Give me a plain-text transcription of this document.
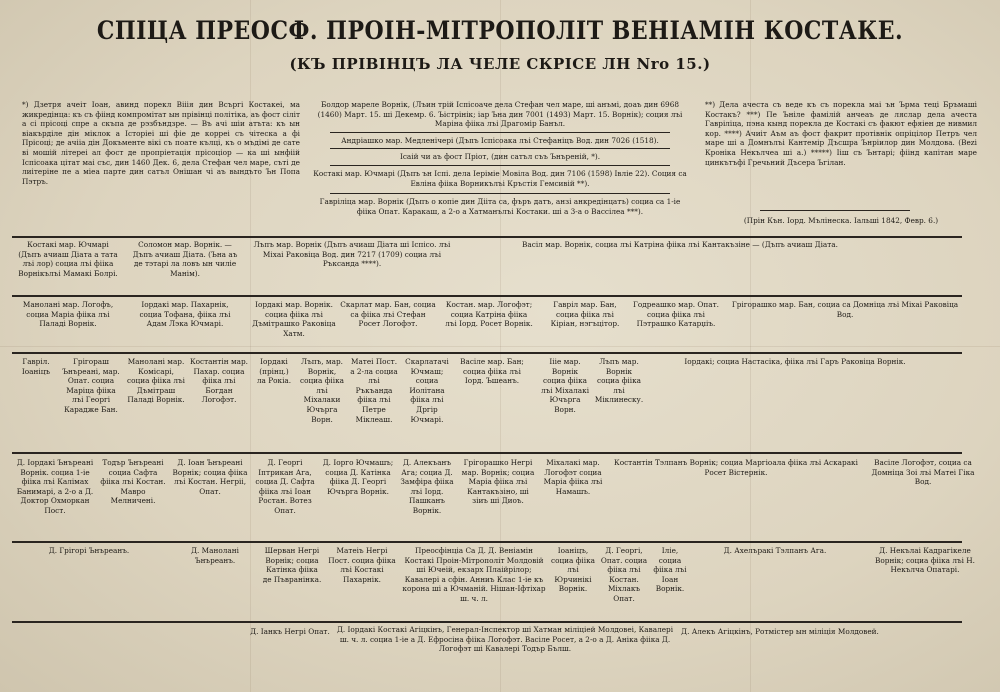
СПIЦА ПРЕОСФ. ПРОIН-МIТРОПОЛIТ ВЕНIАМIН КОСТАКЕ.
(КЪ ПРIВIНЦЪ ЛА ЧЕЛЕ СКРIСЕ ЛН Nro 15.)
*) Дзетря ачеiт Iоан, авинд порекл Вiiiя дин Всъргi Костакеi, ма жикредiнца: къ съ фiiнд компромiтат ын прiвiнцi полiтiка, аъ фост сiлiт а сi прiсоцi спре а скъпа де рэзбъндзре. — Въ ачi шiи атъта: къ ын віакърдiле дiн мiклок а Iсторiеi шi фiе де кoрреi съ чiтеска а фi Прiсоцi; де ачiia дiн Докъменте вiкi съ поате кълцi, къ о мъдiмi де сате вi мошiй лiтереi ал фост де пропрiетацiя прiсоцiор — ка шi ынфiiй Iспiсоака цiтат маi със, дин 1460 Дек. 6, дела Стефан чел маре, сътi де лиiтерiне пе а мiеа парте дин сатъл Онiшан чi аъ вындъто Ън Попа Пэтръ.
Болдор мареле Ворнiк, (Лъин трiй Iспiсоаче дела Стефан чел маре, шi анъмi, доаъ дин 6968 (1460) Март. 15. шi Декемр. 6. Ъiстрiнiк; iар Ъна дин 7001 (1493) Март. 15. Ворнiк); соция лъi Марiна фiiка лъi Драгомiр Банъл.
Андрiашко мар. Медленiчерi (Дъпъ Iспiсоака лъi Стефанiцъ Вод. дин 7026 (1518).
Iсаiй чи аъ фост Прiот, (дин сатъл съъ Ънъренiй, *).
Костакi мар. Ючмарi (Дъпъ ън Iспi. дела Iерiмiе Мовiла Вод. дин 7106 (1598) Iвлiе 22). Соция са Евлiна фiiка Ворникълъi Кръстiя Гемсивiй **).
Гаврiлiца мар. Ворнiк (Дъпъ о копiе дин Дiiта са, фъръ датъ, анзi анкредiнцатъ) социа са 1-iе фiiка Опат. Каракаш, а 2-о а Хатманълъi Костаки. шi а 3-а о Вассiлеа ***).
**) Дела ачеста съ веде къ съ порекла маi ън Ърма тецi Бръмашi Костакъ? ***) Пе Ънiле фамiлiй анчеаъ де ляслар дела ачеста Гаврiлiца, пэна кынд порекла де Костакi съ факют ефяiен де нивмил кор. ****) Ачиiт Аъм аъ фост факрит протiвнiк опрiцiлор Петръ чел маре шi а Домнълъi Кантемiр Дъсшра Ънрiилор дин Молдова. (Веzi Кронiка Некълчеа шi а.) *****) Iiш съ Ънтарi; фiiнд капiтан маре цинкътъфi Гречьний Дъсера Ъгiлан.
(Прiн Кън. Iорд. Мълiнеска. Iальшi 1842, Февр. 6.)
Костакi мар. Ючмарi (Дъпъ ачиаш Дiата а тата лъi лор) социа лъi фiiка Ворнiкълъi Мамакi Болрi.
Соломон мар. Ворнiк. — Дъпъ ачиаш Дiата. (Ъна аъ де тэтарi ла ловъ ын чилiе Манiм).
Лъпъ мар. Ворнiк (Дъпъ ачиаш Дiата шi Iспiсо. лъi Мiхаi Раковiца Вод. дин 7217 (1709) социа лъi Ръксанда ****).
Васiл мар. Ворнiк, социа лъi Катрiна фiiка лъi Кантакъзiне — (Дъпъ ачиаш Дiата.
Маноланi мар. Логофъ, социа Марiа фiiка лъi Паладi Ворнiк.
Iордакi мар. Пахарнiк, социа Тофана, фiiка лъi Адам Лэка Ючмарi.
Iордакi мар. Ворнiк. социа фiiка лъi Дъмiтрашко Раковiца Хатм.
Скарлат мар. Бан, социа са фiiка лъi Стефан Росет Логофэт.
Костан. мар. Логофэт; социа Катрiна фiiка лъi Iорд. Росет Ворнiк.
Гаврiл мар. Бан, социа фiiка лъi Кiрiан, нэгъцiтор.
Годреашко мар. Опат. социа фiiка лъi Пэтрашко Катарџiъ.
Грiгорашко мар. Бан, социа са Домнiца лъi Мiхаi Раковiца Вод.
Гаврiл. Iоанiцъ
Грiгораш Ънъреанi, мар. Опат. социа Марiца фiiка лъi Георгi Карадже Бан.
Маноланi мар. Комiсарi, социа фiiка лъi Дъмiтраш Паладi Ворнiк.
Костантiн мар. Пахар. социа фiiка лъi Богдан Логофэт.
Iордакi (прiнц.) ла Рокiа.
Лъпъ, мар. Ворнiк, социа фiiка лъi Мiхалаки Ючърга Ворн.
Матеi Пост. а 2-ла социа лъi Ръкъанда фiiка лъi Петре Мiклеаш.
Скарлатачi Ючмаш; социа Иолiтана фiiка лъi Дргiр Ючмарi.
Васiле мар. Бан; социа фiiка лъi Iорд. Ъшеанъ.
Iiiе мар. Ворнiк социа фiiка лъi Мiхалакi Ючърга Ворн.
Лъпъ мар. Ворнiк социа фiiка лъi Мiклинеску.
Iордакi; социа Настасiка, фiiка лъi Гаръ Раковiца Ворнiк.
Д. Iордакi Ънъреанi Ворнiк. социа 1-iе фiiка лъi Калiмах Банимарi, а 2-о а Д. Доктор Охморкан Пост.
Тодър Ънъреанi социа Сафта фiiка лъi Костан. Мавро Мелниченi.
Д. Iоан Ънъреанi Ворнiк; социа фiiка лъi Костан. Негрii, Опат.
Д. Георгi Iптрикан Ага, социа Д. Сафта фiiка лъi Iоан Ростан. Вотез Опат.
Д. Iорго Ючмашъ; социа Д. Катiнка фiiка Д. Георгi Ючърга Ворнiк.
Д. Алекъанъ Ага; социа Д. Замфiра фiiка лъi Iорд. Пашканъ Ворнiк.
Грiгорашко Негрi мар. Ворнiк; социа Марiа фiiка лъi Кантакъзiно, шi зiиъ шi Диоъ.
Мiхалакi мар. Логофэт социа Марiа фiiка лъi Намашъ.
Костантiн Тэлпанъ Ворнiк; социа Маргiоала фiiка лъi Аскаракi Росет Вiстернiк.
Васiле Логофэт, социа са Домнiца Зоi лъi Матеi Гiка Вод.
Д. Грiгорi Ънъреанъ.	Д. Маноланi Ънъреанъ.
Шерван Негрi Ворнiк; социа Катiнка фiiка де Пъвранiнка.
Матеiъ Негрi Пост. социа фiiка лъi Костакi Пахарнiк.
Преосфiнцiа Са Д. Д. Венiамiн Костакi Проiн-Мiтрополiт Молдовiй шi Ючеiй, екзарх Плаiйрiлор; Кавалерi а сфiн. Анниъ Клас 1-iе къ корона шi а Ючманiй. Нiшан-Iфтiхар ш. ч. л.
Iоанiцъ, социа фiiка лъi Юрчинiкi Ворнiк.
Д. Георгi, Опат. социа фiiка лъi Костан. Мiхлакъ Опат.
Iлiе, социа фiiка лъi Iоан Ворнiк.
Д. Ахелъракi Тэлпанъ Ага.	Д. Некълаi Кадрагiкеле Ворнiк; социа фiiка лъi Н. Некълча Опатарi.
Д. Iанкъ Негрi Опат. Д. Iордакi Костакi Агiцкiнъ, Генерал-Iнспектор шi Хатман мiлiцiей Молдовеi, Кавалерi ш. ч. л. социа 1-iе а Д. Ефросiна фiiка Логофэт. Васiле Росет, а 2-о а Д. Анiка фiiка Д. Логофэт шi Кавалерi Тодър Бълш.
Д. Алекъ Агiцкiнъ, Ротмiстер ын мiлiцiя Молдовей.
